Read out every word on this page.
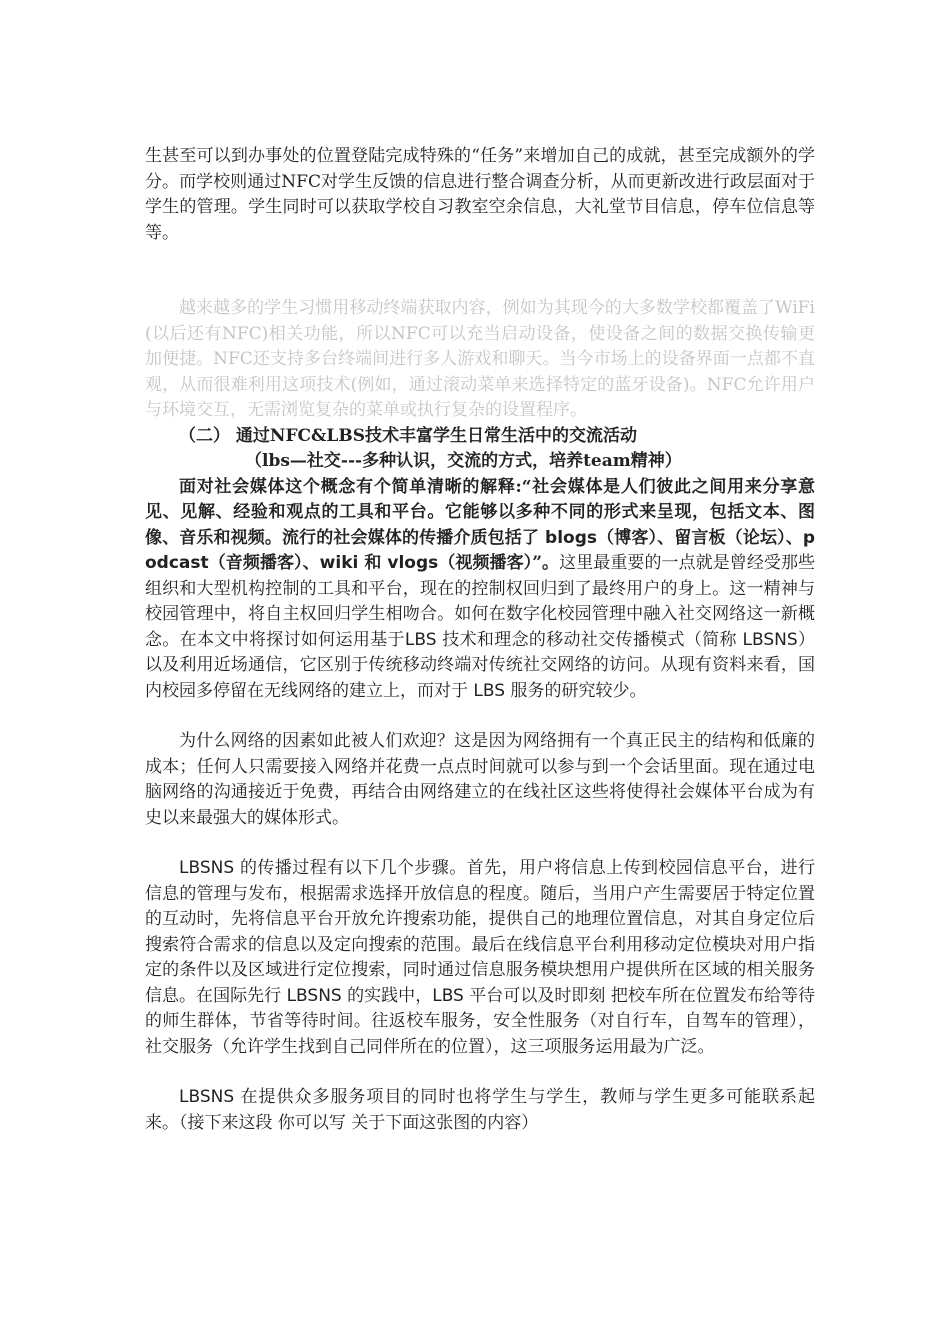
生甚至可以到办事处的位置登陆完成特殊的“任务”来增加自己的成就，甚至完成额外的学分。而学校则通过NFC对学生反馈的信息进行整合调查分析，从而更新改进行政层面对于学生的管理。学生同时可以获取学校自习教室空余信息，大礼堂节目信息，停车位信息等等。

越来越多的学生习惯用移动终端获取内容，例如为其现今的大多数学校都覆盖了WiFi (以后还有NFC)相关功能，所以NFC可以充当启动设备，使设备之间的数据交换传输更加便捷。NFC还支持多台终端间进行多人游戏和聊天。当今市场上的设备界面一点都不直观，从而很难利用这项技术(例如，通过滚动菜单来选择特定的蓝牙设备)。NFC允许用户与环境交互，无需浏览复杂的菜单或执行复杂的设置程序。

（二） 通过NFC&LBS技术丰富学生日常生活中的交流活动

（lbs—社交---多种认识，交流的方式，培养team精神）

面对社会媒体这个概念有个简单清晰的解释:“社会媒体是人们彼此之间用来分享意见、见解、经验和观点的工具和平台。它能够以多种不同的形式来呈现，包括文本、图像、音乐和视频。流行的社会媒体的传播介质包括了 blogs（博客）、留言板（论坛）、podcast（音频播客）、wiki 和 vlogs（视频播客）”。这里最重要的一点就是曾经受那些组织和大型机构控制的工具和平台，现在的控制权回归到了最终用户的身上。这一精神与校园管理中，将自主权回归学生相吻合。如何在数字化校园管理中融入社交网络这一新概念。在本文中将探讨如何运用基于LBS 技术和理念的移动社交传播模式（简称 LBSNS）以及利用近场通信，它区别于传统移动终端对传统社交网络的访问。从现有资料来看，国内校园多停留在无线网络的建立上，而对于 LBS 服务的研究较少。

为什么网络的因素如此被人们欢迎？这是因为网络拥有一个真正民主的结构和低廉的成本；任何人只需要接入网络并花费一点点时间就可以参与到一个会话里面。现在通过电脑网络的沟通接近于免费，再结合由网络建立的在线社区这些将使得社会媒体平台成为有史以来最强大的媒体形式。

LBSNS 的传播过程有以下几个步骤。首先，用户将信息上传到校园信息平台，进行信息的管理与发布，根据需求选择开放信息的程度。随后，当用户产生需要居于特定位置的互动时，先将信息平台开放允许搜索功能，提供自己的地理位置信息，对其自身定位后搜索符合需求的信息以及定向搜索的范围。最后在线信息平台利用移动定位模块对用户指定的条件以及区域进行定位搜索，同时通过信息服务模块想用户提供所在区域的相关服务信息。在国际先行 LBSNS 的实践中，LBS 平台可以及时即刻 把校车所在位置发布给等待的师生群体，节省等待时间。往返校车服务，安全性服务（对自行车，自驾车的管理），社交服务（允许学生找到自己同伴所在的位置），这三项服务运用最为广泛。

LBSNS 在提供众多服务项目的同时也将学生与学生，教师与学生更多可能联系起来。（接下来这段 你可以写 关于下面这张图的内容）
